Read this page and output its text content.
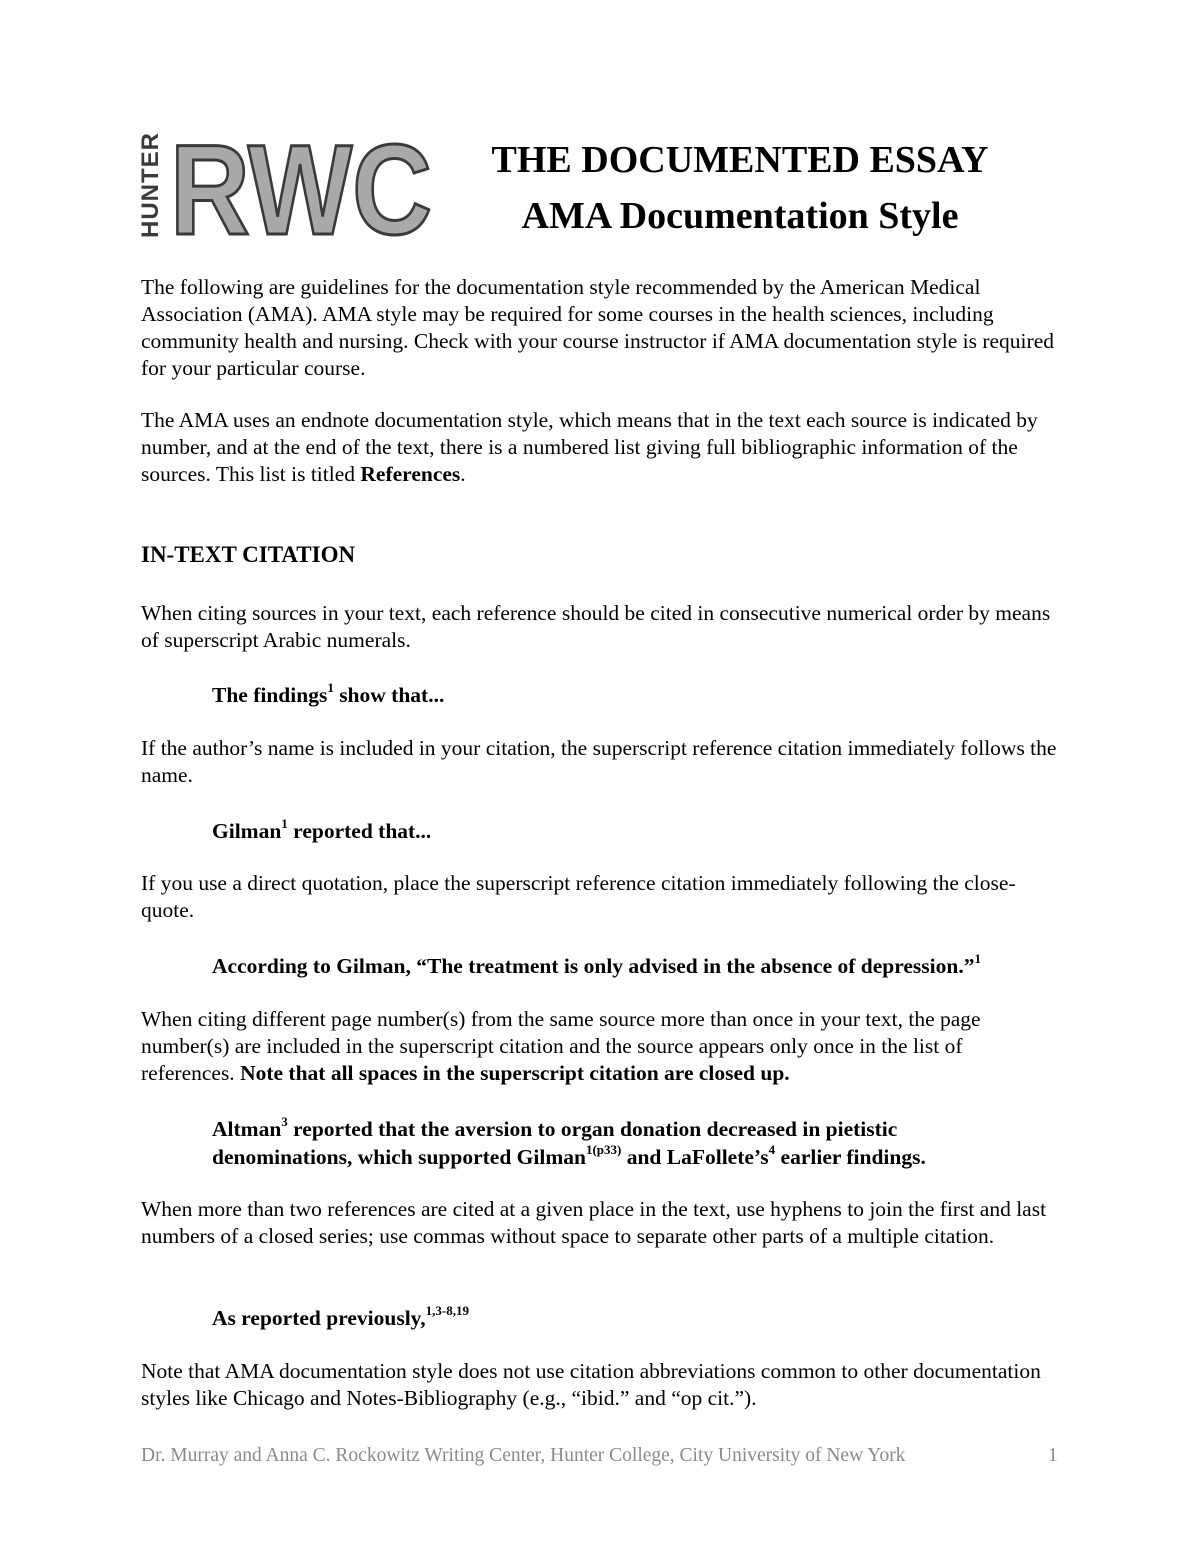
HUNTER RWC	THE DOCUMENTED ESSAY
AMA Documentation Style

The following are guidelines for the documentation style recommended by the American Medical Association (AMA). AMA style may be required for some courses in the health sciences, including community health and nursing. Check with your course instructor if AMA documentation style is required for your particular course.

The AMA uses an endnote documentation style, which means that in the text each source is indicated by number, and at the end of the text, there is a numbered list giving full bibliographic information of the sources. This list is titled References.

IN-TEXT CITATION

When citing sources in your text, each reference should be cited in consecutive numerical order by means of superscript Arabic numerals.

The findings$^1$ show that...

If the author’s name is included in your citation, the superscript reference citation immediately follows the name.

Gilman$^1$ reported that...

If you use a direct quotation, place the superscript reference citation immediately following the close-quote.

According to Gilman, “The treatment is only advised in the absence of depression.”$^1$

When citing different page number(s) from the same source more than once in your text, the page number(s) are included in the superscript citation and the source appears only once in the list of references. Note that all spaces in the superscript citation are closed up.

Altman$^3$ reported that the aversion to organ donation decreased in pietistic denominations, which supported Gilman$^{1(p33)}$ and $LaFollete’s^4$ earlier findings.

When more than two references are cited at a given place in the text, use hyphens to join the first and last numbers of a closed series; use commas without space to separate other parts of a multiple citation.

As reported previously,$^{1,3-8,19}$

Note that AMA documentation style does not use citation abbreviations common to other documentation styles like Chicago and Notes-Bibliography (e.g., “ibid.” and “op cit.”).

Dr. Murray and Anna C. Rockowitz Writing Center, Hunter College, City University of New York	1
